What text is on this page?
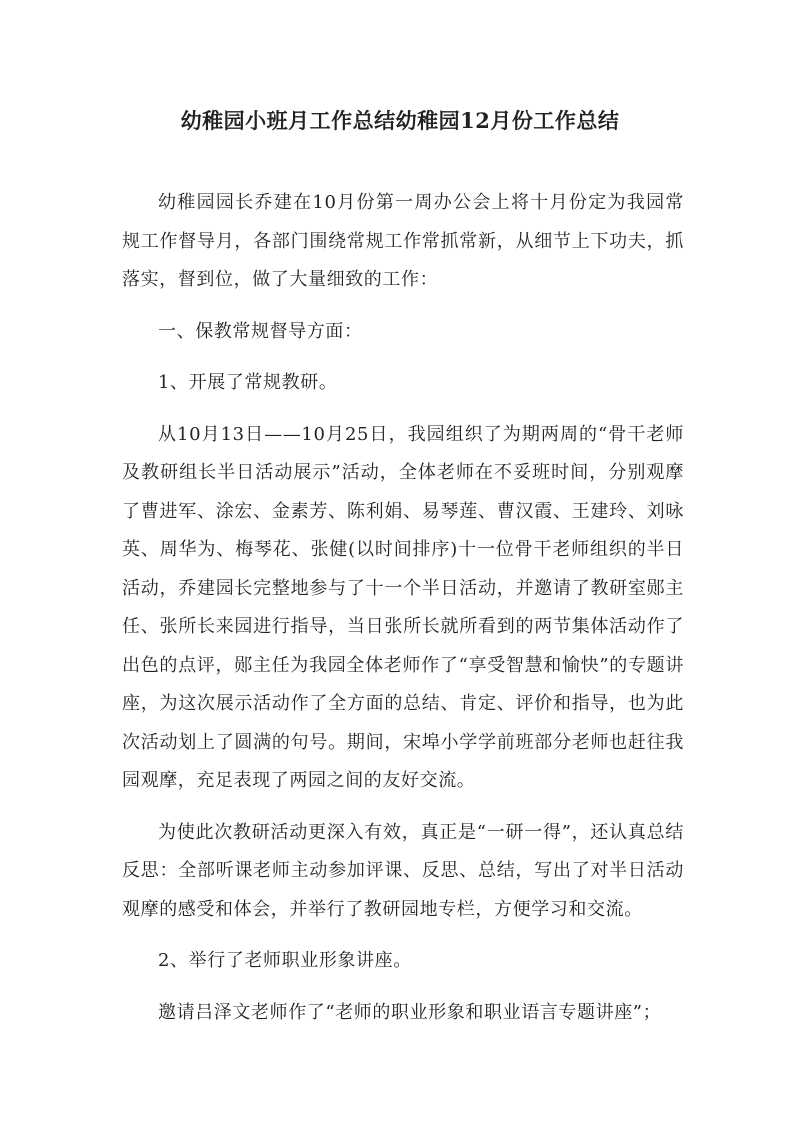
幼稚园小班月工作总结幼稚园12月份工作总结

幼稚园园长乔建在10月份第一周办公会上将十月份定为我园常规工作督导月，各部门围绕常规工作常抓常新，从细节上下功夫，抓落实，督到位，做了大量细致的工作：

一、保教常规督导方面：

1、开展了常规教研。

从10月13日——10月25日，我园组织了为期两周的“骨干老师及教研组长半日活动展示”活动，全体老师在不妥班时间，分别观摩了曹进军、涂宏、金素芳、陈利娟、易琴莲、曹汉霞、王建玲、刘咏英、周华为、梅琴花、张健(以时间排序)十一位骨干老师组织的半日活动，乔建园长完整地参与了十一个半日活动，并邀请了教研室郧主任、张所长来园进行指导，当日张所长就所看到的两节集体活动作了出色的点评，郧主任为我园全体老师作了“享受智慧和愉快”的专题讲座，为这次展示活动作了全方面的总结、肯定、评价和指导，也为此次活动划上了圆满的句号。期间，宋埠小学学前班部分老师也赶往我园观摩，充足表现了两园之间的友好交流。

为使此次教研活动更深入有效，真正是“一研一得”，还认真总结反思：全部听课老师主动参加评课、反思、总结，写出了对半日活动观摩的感受和体会，并举行了教研园地专栏，方便学习和交流。

2、举行了老师职业形象讲座。

邀请吕泽文老师作了“老师的职业形象和职业语言专题讲座”；
